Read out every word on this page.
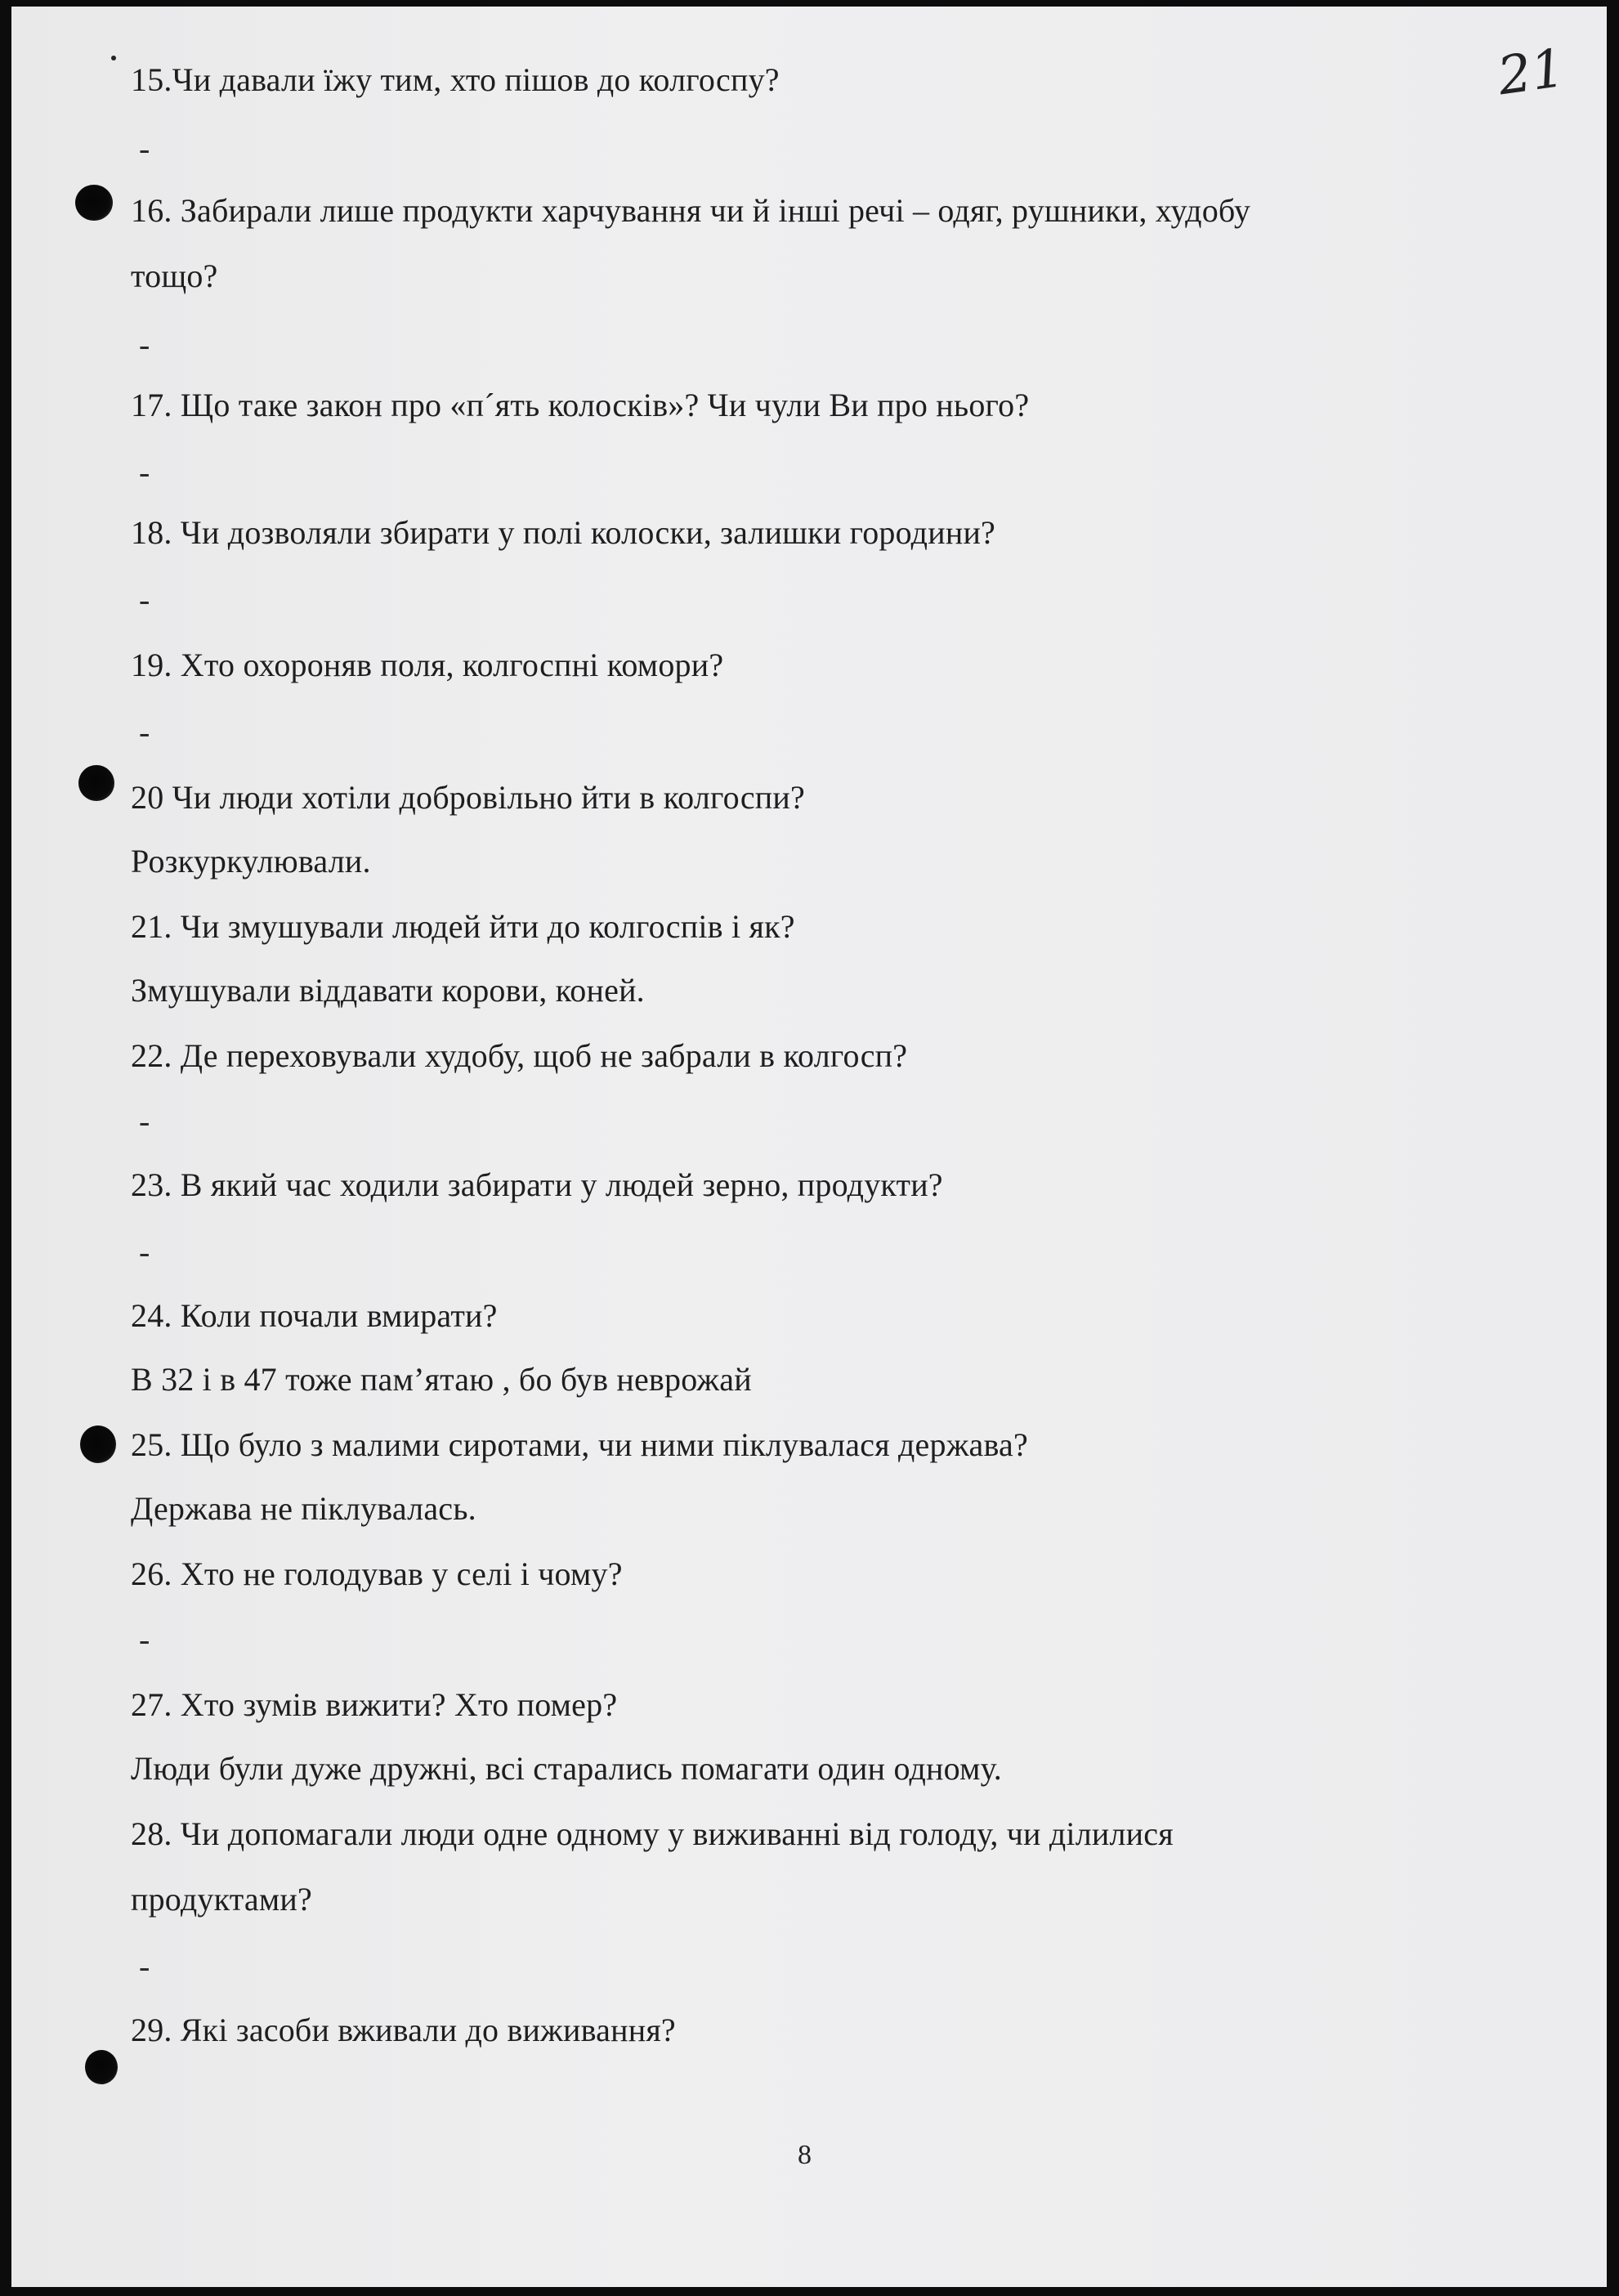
21
15.Чи давали їжу тим, хто пішов до колгоспу?
-
16. Забирали лише продукти харчування чи й інші речі – одяг, рушники, худобу
тощо?
-
17. Що таке закон про «п´ять колосків»? Чи чули Ви про нього?
-
18. Чи дозволяли збирати у полі колоски, залишки городини?
-
19. Хто охороняв поля, колгоспні комори?
-
20 Чи люди хотіли добровільно йти в колгоспи?
Розкуркулювали.
21. Чи змушували людей йти до колгоспів і як?
Змушували віддавати корови, коней.
22. Де переховували худобу, щоб не забрали в колгосп?
-
23. В який час ходили забирати у людей зерно, продукти?
-
24. Коли почали вмирати?
В 32 і в 47 тоже пам’ятаю , бо був неврожай
25. Що було з малими сиротами, чи ними піклувалася держава?
Держава не піклувалась.
26. Хто не голодував у селі і чому?
-
27. Хто зумів вижити? Хто помер?
Люди були дуже дружні, всі старались помагати один одному.
28. Чи допомагали люди одне одному у виживанні від голоду, чи ділилися
продуктами?
-
29. Які засоби вживали до виживання?
8
